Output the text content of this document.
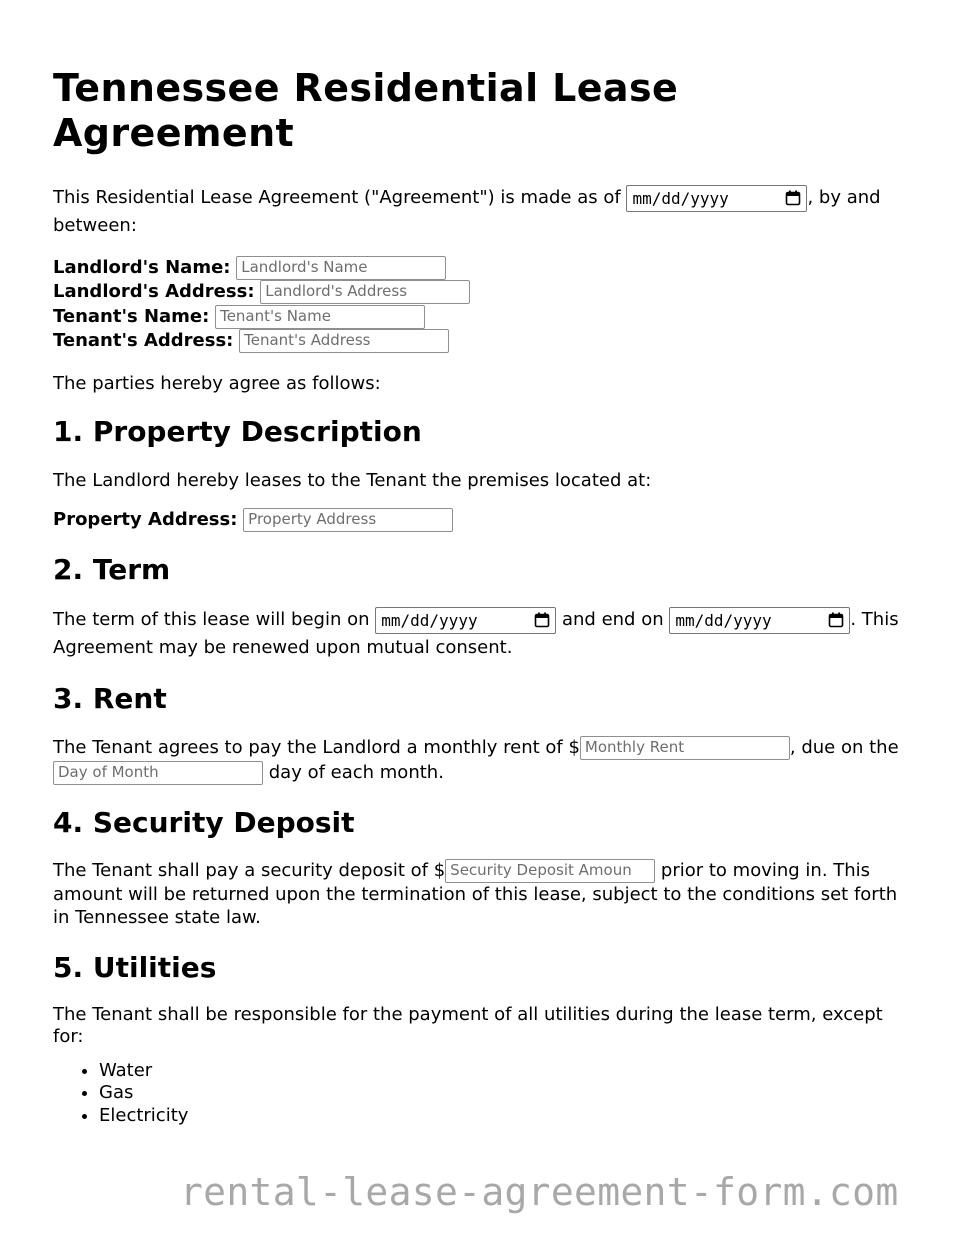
Tennessee Residential Lease Agreement

This Residential Lease Agreement ("Agreement") is made as of mm/dd/yyyy	, by and between:

Landlord's Name: Landlord's Name
Landlord's Address: Landlord's Address
Tenant's Name: Tenant's Name
Tenant's Address: Tenant's Address

The parties hereby agree as follows:

1. Property Description

The Landlord hereby leases to the Tenant the premises located at:

Property Address: Property Address
2. Term

The term of this lease will begin on mm/dd/yyyy	and end on mm/dd/yyyy	. This Agreement may be renewed upon mutual consent.

3. Rent

The Tenant agrees to pay the Landlord a monthly rent of $ Monthly Rent	, due on the Day of Month	day of each month.

4. Security Deposit

The Tenant shall pay a security deposit of $ Security Deposit Amoun prior to moving in. This amount will be returned upon the termination of this lease, subject to the conditions set forth in Tennessee state law.

5. Utilities

The Tenant shall be responsible for the payment of all utilities during the lease term, except for:

• Water
• Gas
• Electricity
rental-lease-agreement-form.com
